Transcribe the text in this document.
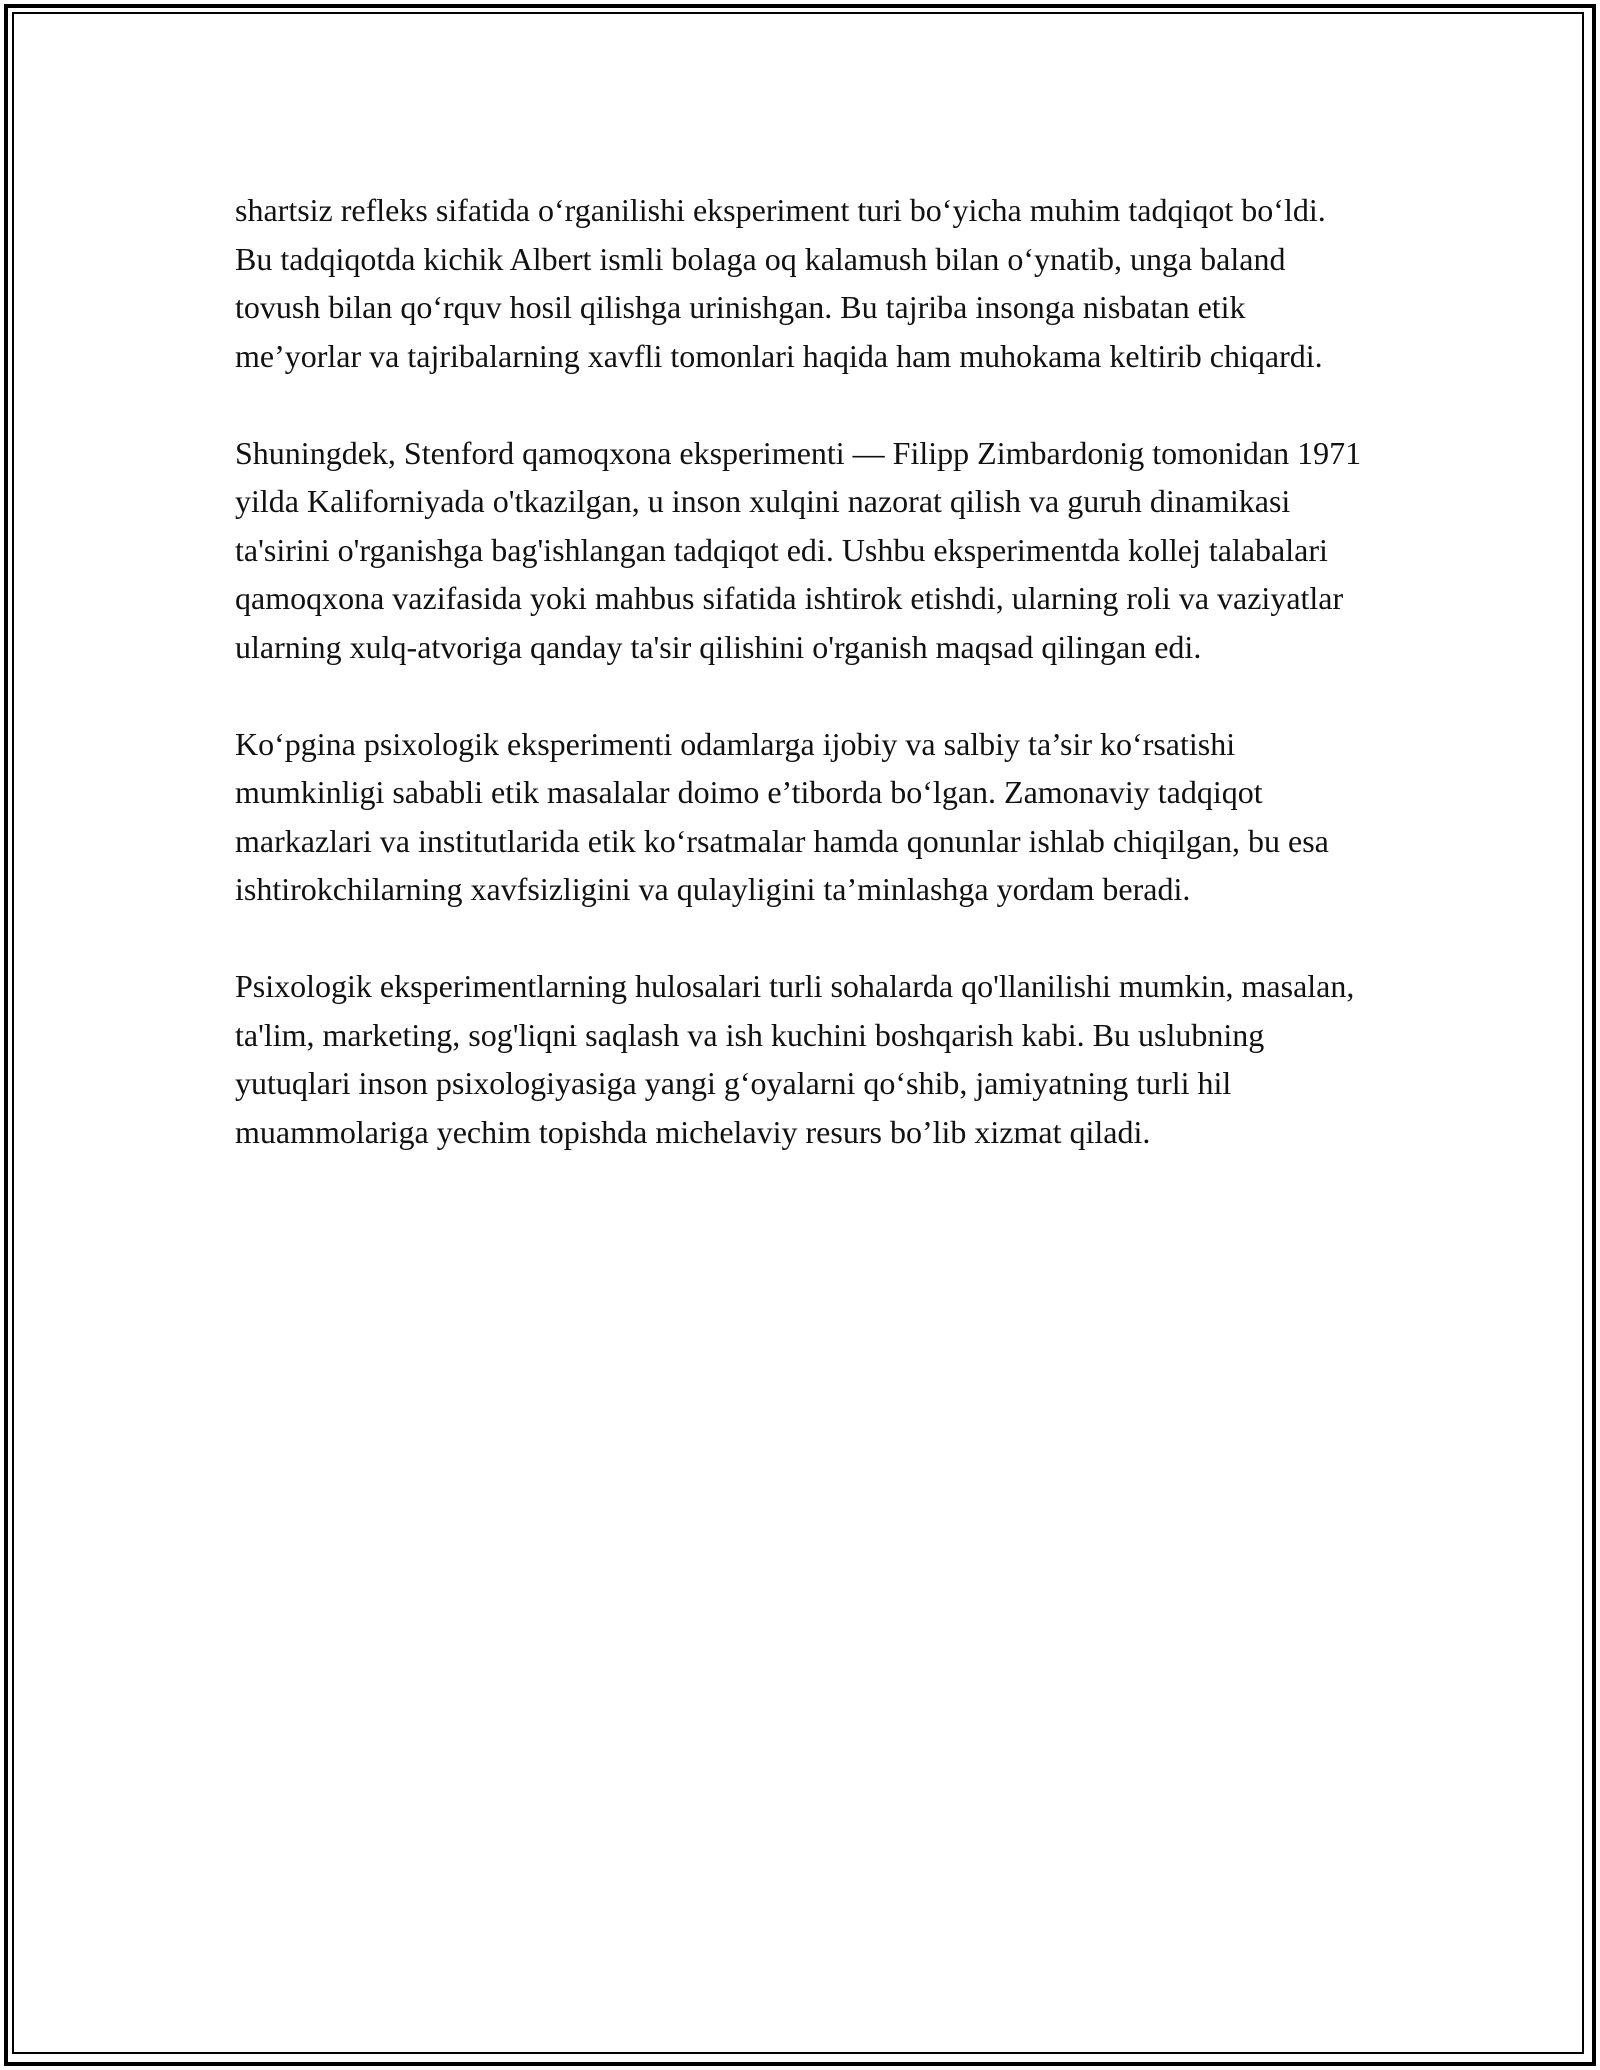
shartsiz refleks sifatida o‘rganilishi eksperiment turi bo‘yicha muhim tadqiqot bo‘ldi. Bu tadqiqotda kichik Albert ismli bolaga oq kalamush bilan o‘ynatib, unga baland tovush bilan qo‘rquv hosil qilishga urinishgan. Bu tajriba insonga nisbatan etik me’yorlar va tajribalarning xavfli tomonlari haqida ham muhokama keltirib chiqardi.

Shuningdek, Stenford qamoqxona eksperimenti — Filipp Zimbardonig tomonidan 1971 yilda Kaliforniyada o'tkazilgan, u inson xulqini nazorat qilish va guruh dinamikasi ta'sirini o'rganishga bag'ishlangan tadqiqot edi. Ushbu eksperimentda kollej talabalari qamoqxona vazifasida yoki mahbus sifatida ishtirok etishdi, ularning roli va vaziyatlar ularning xulq-atvoriga qanday ta'sir qilishini o'rganish maqsad qilingan edi.

Ko‘pgina psixologik eksperimenti odamlarga ijobiy va salbiy ta’sir ko‘rsatishi mumkinligi sababli etik masalalar doimo e’tiborda bo‘lgan. Zamonaviy tadqiqot markazlari va institutlarida etik ko‘rsatmalar hamda qonunlar ishlab chiqilgan, bu esa ishtirokchilarning xavfsizligini va qulayligini ta’minlashga yordam beradi.

Psixologik eksperimentlarning hulosalari turli sohalarda qo'llanilishi mumkin, masalan, ta'lim, marketing, sog'liqni saqlash va ish kuchini boshqarish kabi. Bu uslubning yutuqlari inson psixologiyasiga yangi g‘oyalarni qo‘shib, jamiyatning turli hil muammolariga yechim topishda michelaviy resurs bo’lib xizmat qiladi.
